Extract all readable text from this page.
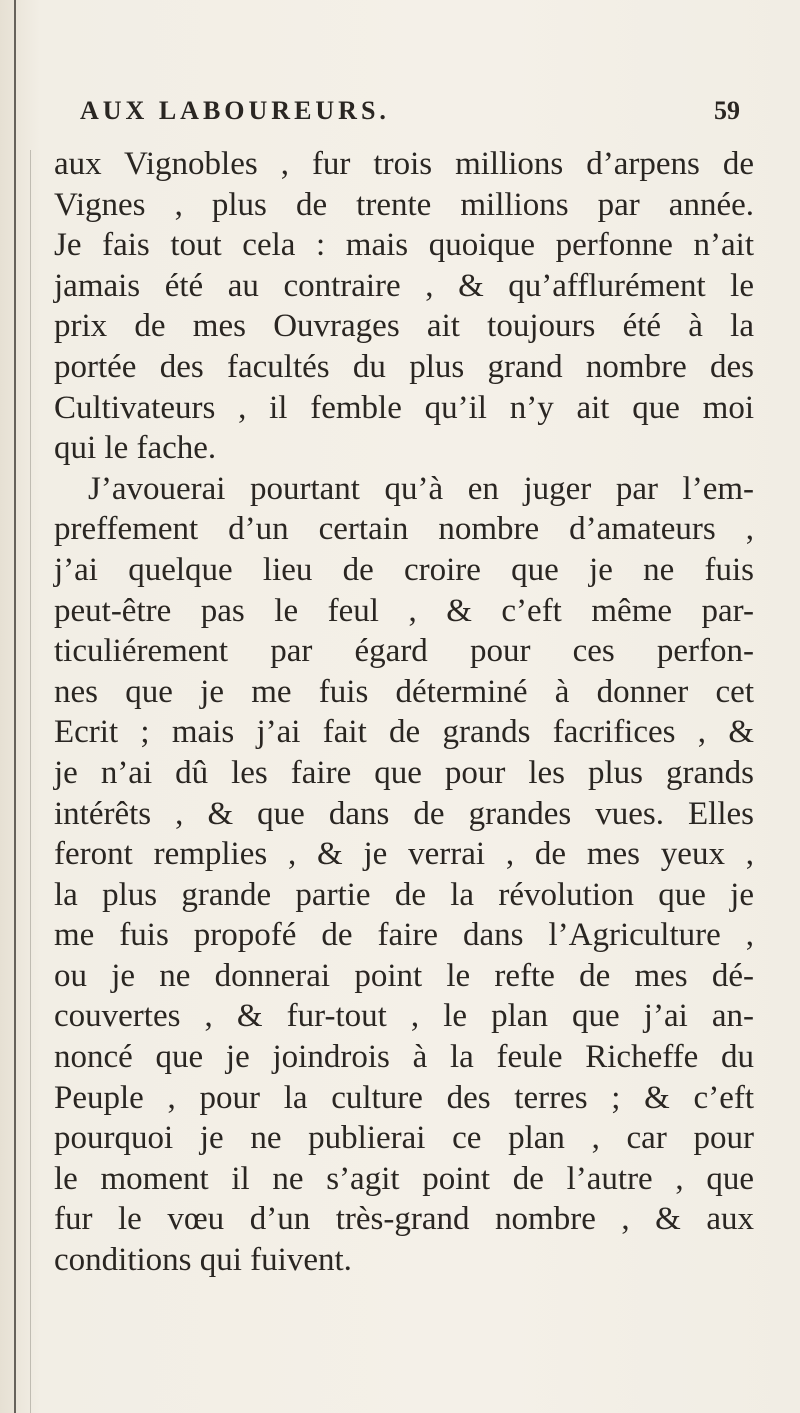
AUX LABOUREURS.	59
aux Vignobles , fur trois millions d’arpens de
Vignes , plus de trente millions par année.
Je fais tout cela : mais quoique perfonne n’ait
jamais été au contraire , & qu’afflurément le
prix de mes Ouvrages ait toujours été à la
portée des facultés du plus grand nombre des
Cultivateurs , il femble qu’il n’y ait que moi
qui le fache.
J’avouerai pourtant qu’à en juger par l’em-
preffement d’un certain nombre d’amateurs ,
j’ai quelque lieu de croire que je ne fuis
peut-être pas le feul , & c’eft même par-
ticuliérement par égard pour ces perfon-
nes que je me fuis déterminé à donner cet
Ecrit ; mais j’ai fait de grands facrifices , &
je n’ai dû les faire que pour les plus grands
intérêts , & que dans de grandes vues. Elles
feront remplies , & je verrai , de mes yeux ,
la plus grande partie de la révolution que je
me fuis propofé de faire dans l’Agriculture ,
ou je ne donnerai point le refte de mes dé-
couvertes , & fur-tout , le plan que j’ai an-
noncé que je joindrois à la feule Richeffe du
Peuple , pour la culture des terres ; & c’eft
pourquoi je ne publierai ce plan , car pour
le moment il ne s’agit point de l’autre , que
fur le vœu d’un très-grand nombre , & aux
conditions qui fuivent.
